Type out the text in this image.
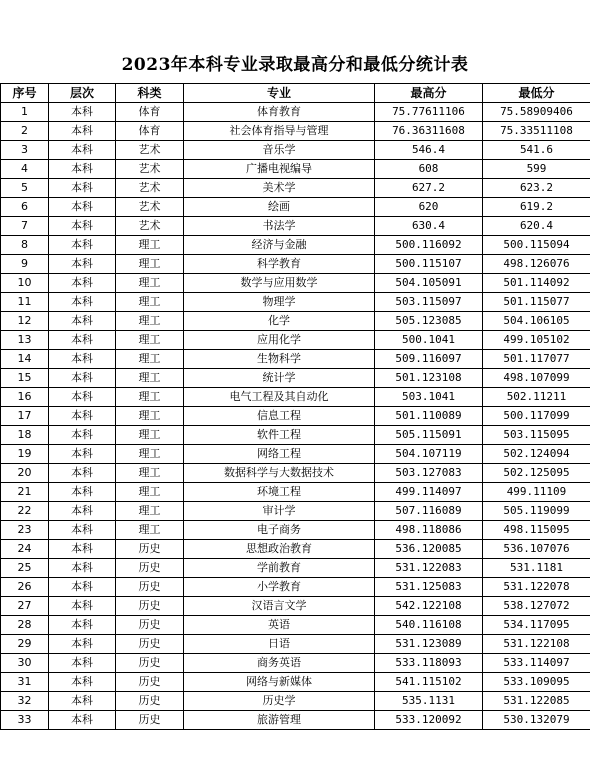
2023年本科专业录取最高分和最低分统计表
序号	层次	科类	专业	最高分	最低分
1	本科	体育	体育教育	75.77611106	75.58909406
2	本科	体育	社会体育指导与管理	76.36311608	75.33511108
3	本科	艺术	音乐学	546.4	541.6
4	本科	艺术	广播电视编导	608	599
5	本科	艺术	美术学	627.2	623.2
6	本科	艺术	绘画	620	619.2
7	本科	艺术	书法学	630.4	620.4
8	本科	理工	经济与金融	500.116092	500.115094
9	本科	理工	科学教育	500.115107	498.126076
10	本科	理工	数学与应用数学	504.105091	501.114092
11	本科	理工	物理学	503.115097	501.115077
12	本科	理工	化学	505.123085	504.106105
13	本科	理工	应用化学	500.1041	499.105102
14	本科	理工	生物科学	509.116097	501.117077
15	本科	理工	统计学	501.123108	498.107099
16	本科	理工	电气工程及其自动化	503.1041	502.11211
17	本科	理工	信息工程	501.110089	500.117099
18	本科	理工	软件工程	505.115091	503.115095
19	本科	理工	网络工程	504.107119	502.124094
20	本科	理工	数据科学与大数据技术	503.127083	502.125095
21	本科	理工	环境工程	499.114097	499.11109
22	本科	理工	审计学	507.116089	505.119099
23	本科	理工	电子商务	498.118086	498.115095
24	本科	历史	思想政治教育	536.120085	536.107076
25	本科	历史	学前教育	531.122083	531.1181
26	本科	历史	小学教育	531.125083	531.122078
27	本科	历史	汉语言文学	542.122108	538.127072
28	本科	历史	英语	540.116108	534.117095
29	本科	历史	日语	531.123089	531.122108
30	本科	历史	商务英语	533.118093	533.114097
31	本科	历史	网络与新媒体	541.115102	533.109095
32	本科	历史	历史学	535.1131	531.122085
33	本科	历史	旅游管理	533.120092	530.132079
